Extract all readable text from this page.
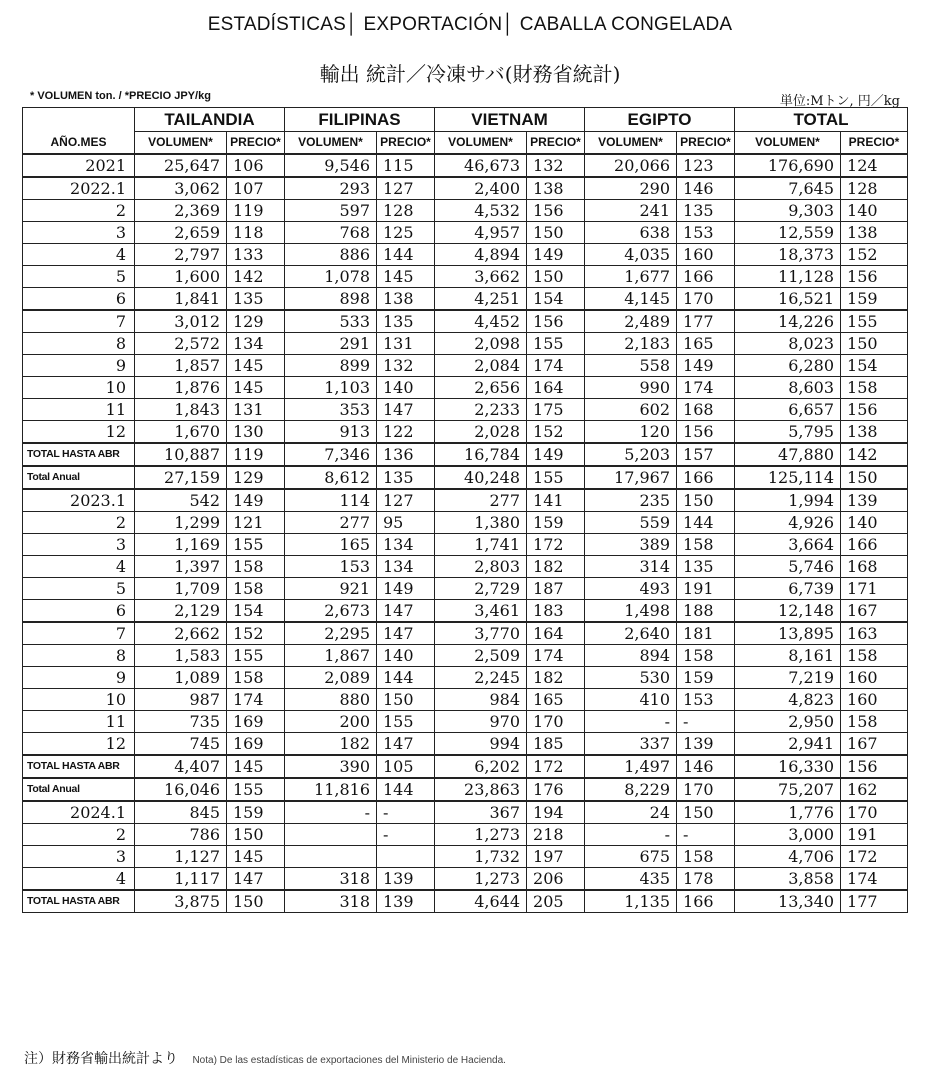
ESTADÍSTICAS│ EXPORTACIÓN│ CABALLA CONGELADA
輸出 統計／冷凍サバ(財務省統計)
* VOLUMEN ton. / *PRECIO JPY/kg	単位:Mトン, 円／kg
AÑO.MES	TAILANDIA		FILIPINAS		VIETNAM		EGIPTO		TOTAL	
	VOLUMEN*	PRECIO*	VOLUMEN*	PRECIO*	VOLUMEN*	PRECIO*	VOLUMEN*	PRECIO*	VOLUMEN*	PRECIO*
2021	25,647	106	9,546	115	46,673	132	20,066	123	176,690	124
2022.1	3,062	107	293	127	2,400	138	290	146	7,645	128
2	2,369	119	597	128	4,532	156	241	135	9,303	140
3	2,659	118	768	125	4,957	150	638	153	12,559	138
4	2,797	133	886	144	4,894	149	4,035	160	18,373	152
5	1,600	142	1,078	145	3,662	150	1,677	166	11,128	156
6	1,841	135	898	138	4,251	154	4,145	170	16,521	159
7	3,012	129	533	135	4,452	156	2,489	177	14,226	155
8	2,572	134	291	131	2,098	155	2,183	165	8,023	150
9	1,857	145	899	132	2,084	174	558	149	6,280	154
10	1,876	145	1,103	140	2,656	164	990	174	8,603	158
11	1,843	131	353	147	2,233	175	602	168	6,657	156
12	1,670	130	913	122	2,028	152	120	156	5,795	138
TOTAL HASTA ABR	10,887	119	7,346	136	16,784	149	5,203	157	47,880	142
Total Anual	27,159	129	8,612	135	40,248	155	17,967	166	125,114	150
2023.1	542	149	114	127	277	141	235	150	1,994	139
2	1,299	121	277	95	1,380	159	559	144	4,926	140
3	1,169	155	165	134	1,741	172	389	158	3,664	166
4	1,397	158	153	134	2,803	182	314	135	5,746	168
5	1,709	158	921	149	2,729	187	493	191	6,739	171
6	2,129	154	2,673	147	3,461	183	1,498	188	12,148	167
7	2,662	152	2,295	147	3,770	164	2,640	181	13,895	163
8	1,583	155	1,867	140	2,509	174	894	158	8,161	158
9	1,089	158	2,089	144	2,245	182	530	159	7,219	160
10	987	174	880	150	984	165	410	153	4,823	160
11	735	169	200	155	970	170	-	-	2,950	158
12	745	169	182	147	994	185	337	139	2,941	167
TOTAL HASTA ABR	4,407	145	390	105	6,202	172	1,497	146	16,330	156
Total Anual	16,046	155	11,816	144	23,863	176	8,229	170	75,207	162
2024.1	845	159	-	-	367	194	24	150	1,776	170
2	786	150		-	1,273	218	-	-	3,000	191
3	1,127	145			1,732	197	675	158	4,706	172
4	1,117	147	318	139	1,273	206	435	178	3,858	174
TOTAL HASTA ABR	3,875	150	318	139	4,644	205	1,135	166	13,340	177
注）財務省輸出統計より Nota) De las estadísticas de exportaciones del Ministerio de Hacienda.
